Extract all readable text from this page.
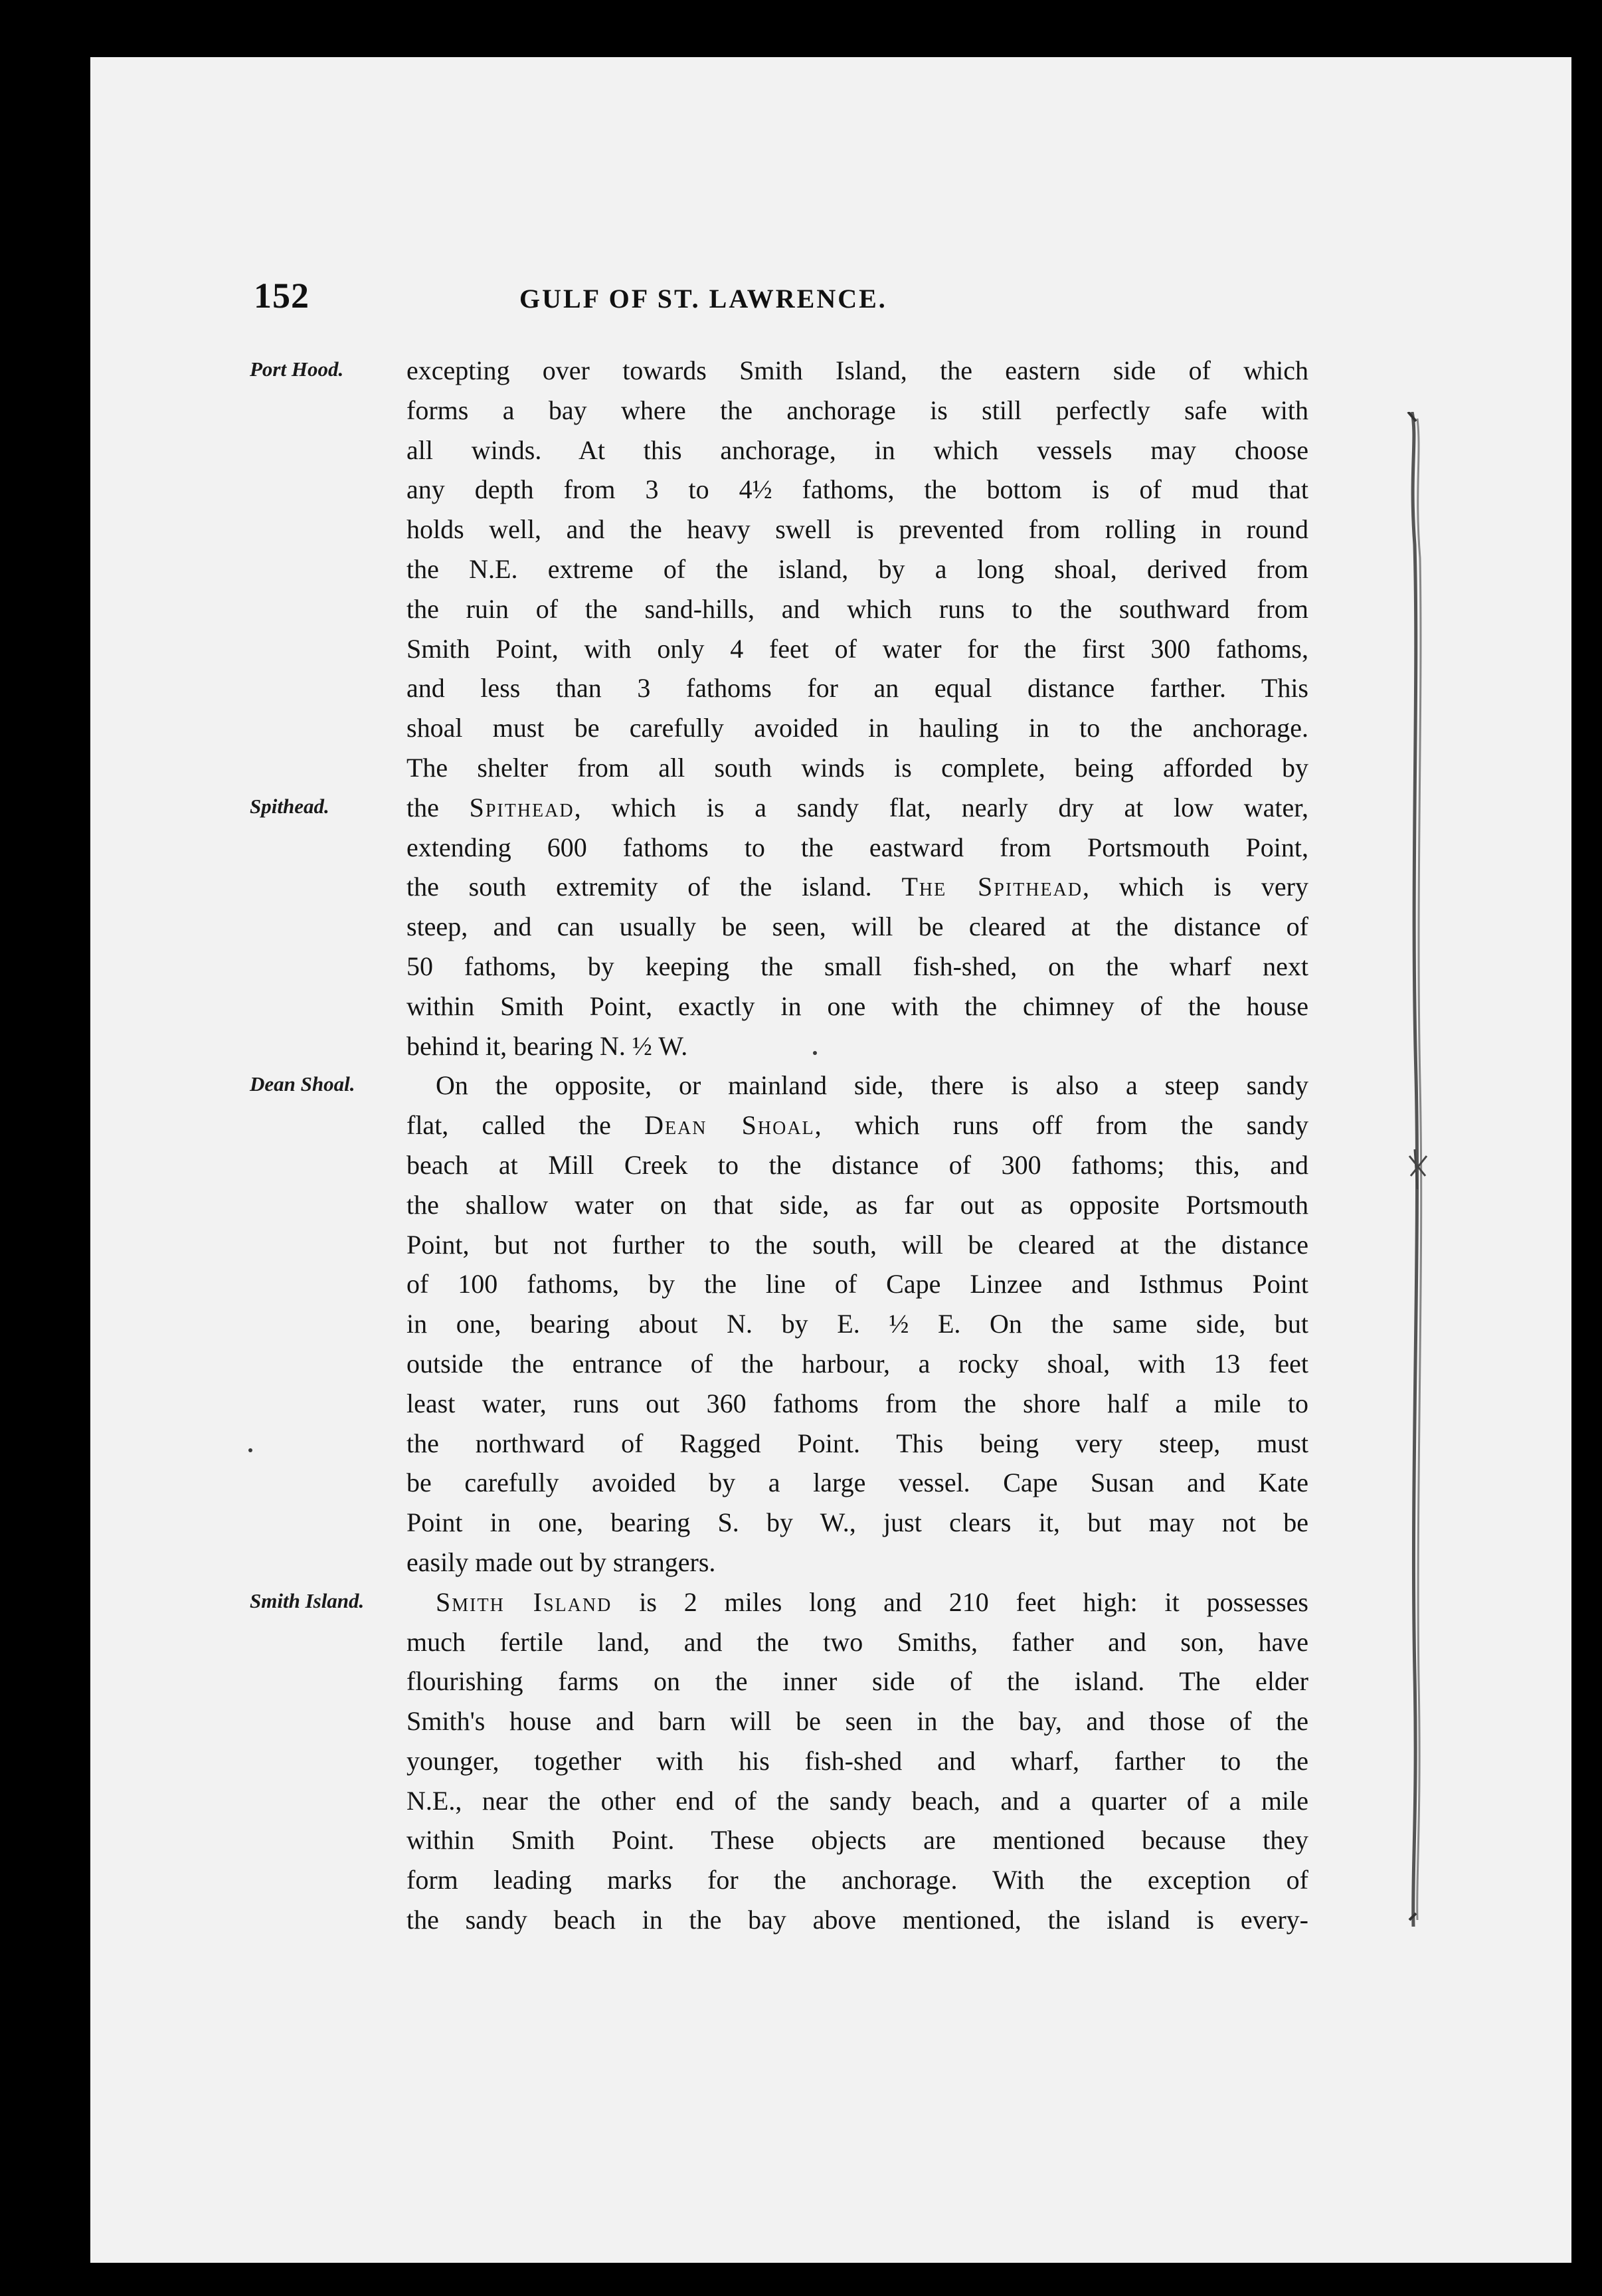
152	GULF OF ST. LAWRENCE.
Port Hood.
Spithead.
Dean Shoal.
Smith Island.
excepting over towards Smith Island, the eastern side of which
forms a bay where the anchorage is still perfectly safe with
all winds. At this anchorage, in which vessels may choose
any depth from 3 to 4½ fathoms, the bottom is of mud that
holds well, and the heavy swell is prevented from rolling in round
the N.E. extreme of the island, by a long shoal, derived from
the ruin of the sand-hills, and which runs to the southward from
Smith Point, with only 4 feet of water for the first 300 fathoms,
and less than 3 fathoms for an equal distance farther. This
shoal must be carefully avoided in hauling in to the anchorage.
The shelter from all south winds is complete, being afforded by
the Spithead, which is a sandy flat, nearly dry at low water,
extending 600 fathoms to the eastward from Portsmouth Point,
the south extremity of the island. The Spithead, which is very
steep, and can usually be seen, will be cleared at the distance of
50 fathoms, by keeping the small fish-shed, on the wharf next
within Smith Point, exactly in one with the chimney of the house
behind it, bearing N. ½ W.
On the opposite, or mainland side, there is also a steep sandy
flat, called the Dean Shoal, which runs off from the sandy
beach at Mill Creek to the distance of 300 fathoms; this, and
the shallow water on that side, as far out as opposite Portsmouth
Point, but not further to the south, will be cleared at the distance
of 100 fathoms, by the line of Cape Linzee and Isthmus Point
in one, bearing about N. by E. ½ E. On the same side, but
outside the entrance of the harbour, a rocky shoal, with 13 feet
least water, runs out 360 fathoms from the shore half a mile to
the northward of Ragged Point. This being very steep, must
be carefully avoided by a large vessel. Cape Susan and Kate
Point in one, bearing S. by W., just clears it, but may not be
easily made out by strangers.
Smith Island is 2 miles long and 210 feet high: it possesses
much fertile land, and the two Smiths, father and son, have
flourishing farms on the inner side of the island. The elder
Smith's house and barn will be seen in the bay, and those of the
younger, together with his fish-shed and wharf, farther to the
N.E., near the other end of the sandy beach, and a quarter of a mile
within Smith Point. These objects are mentioned because they
form leading marks for the anchorage. With the exception of
the sandy beach in the bay above mentioned, the island is every-
